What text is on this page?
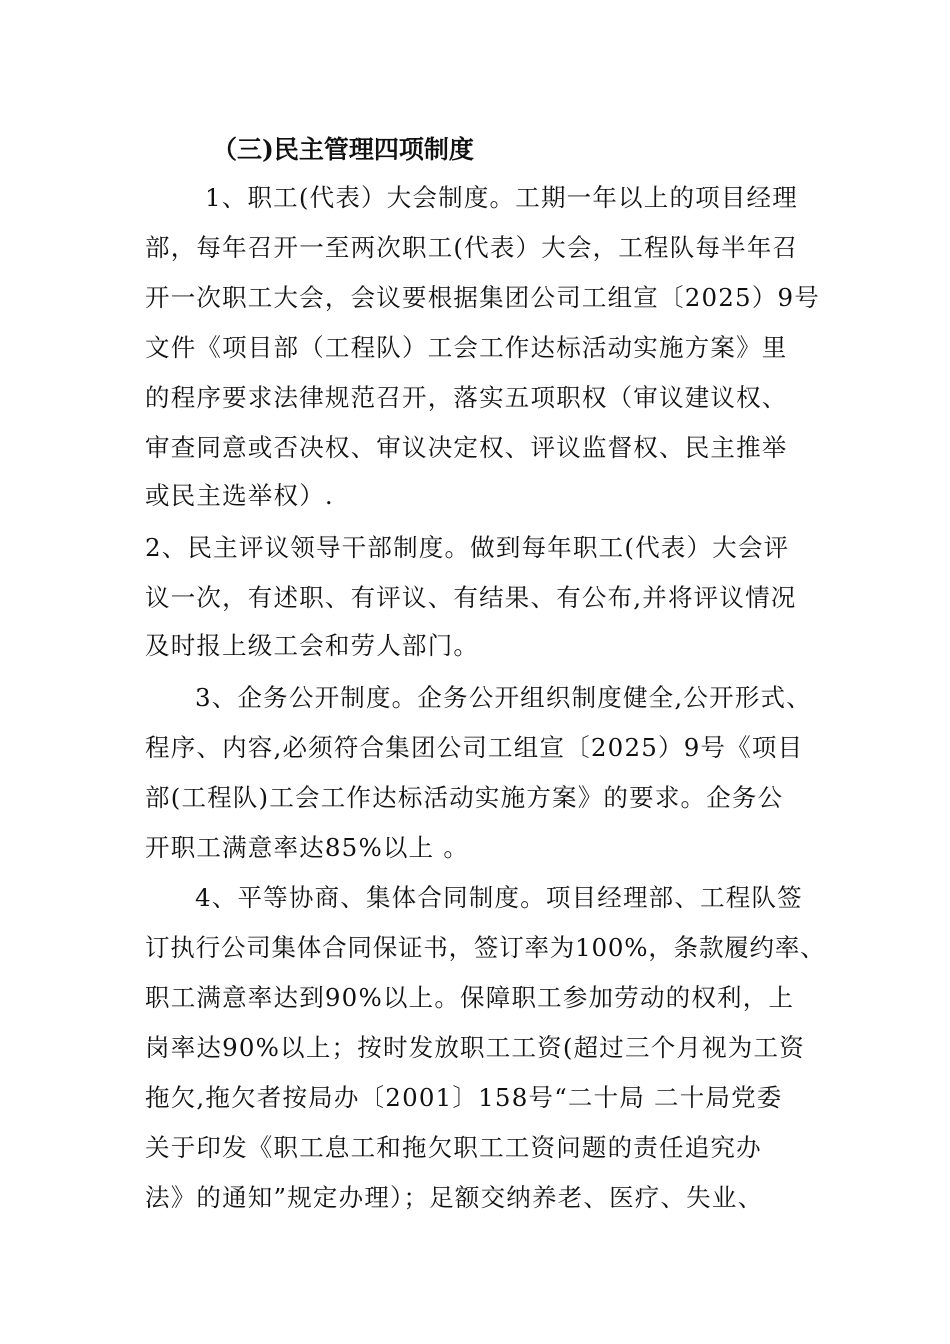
（三)民主管理四项制度
1、职工(代表）大会制度。工期一年以上的项目经理
部，每年召开一至两次职工(代表）大会，工程队每半年召
开一次职工大会，会议要根据集团公司工组宣〔2025）9号
文件《项目部（工程队）工会工作达标活动实施方案》里
的程序要求法律规范召开，落实五项职权（审议建议权、
审查同意或否决权、审议决定权、评议监督权、民主推举
或民主选举权）.
2、民主评议领导干部制度。做到每年职工(代表）大会评
议一次，有述职、有评议、有结果、有公布,并将评议情况
及时报上级工会和劳人部门。
3、企务公开制度。企务公开组织制度健全,公开形式、
程序、内容,必须符合集团公司工组宣〔2025）9号《项目
部(工程队)工会工作达标活动实施方案》的要求。企务公
开职工满意率达85%以上 。
4、平等协商、集体合同制度。项目经理部、工程队签
订执行公司集体合同保证书，签订率为100%，条款履约率、
职工满意率达到90%以上。保障职工参加劳动的权利，上
岗率达90%以上；按时发放职工工资(超过三个月视为工资
拖欠,拖欠者按局办〔2001〕158号“二十局 二十局党委
关于印发《职工息工和拖欠职工工资问题的责任追究办
法》的通知”规定办理）；足额交纳养老、医疗、失业、
